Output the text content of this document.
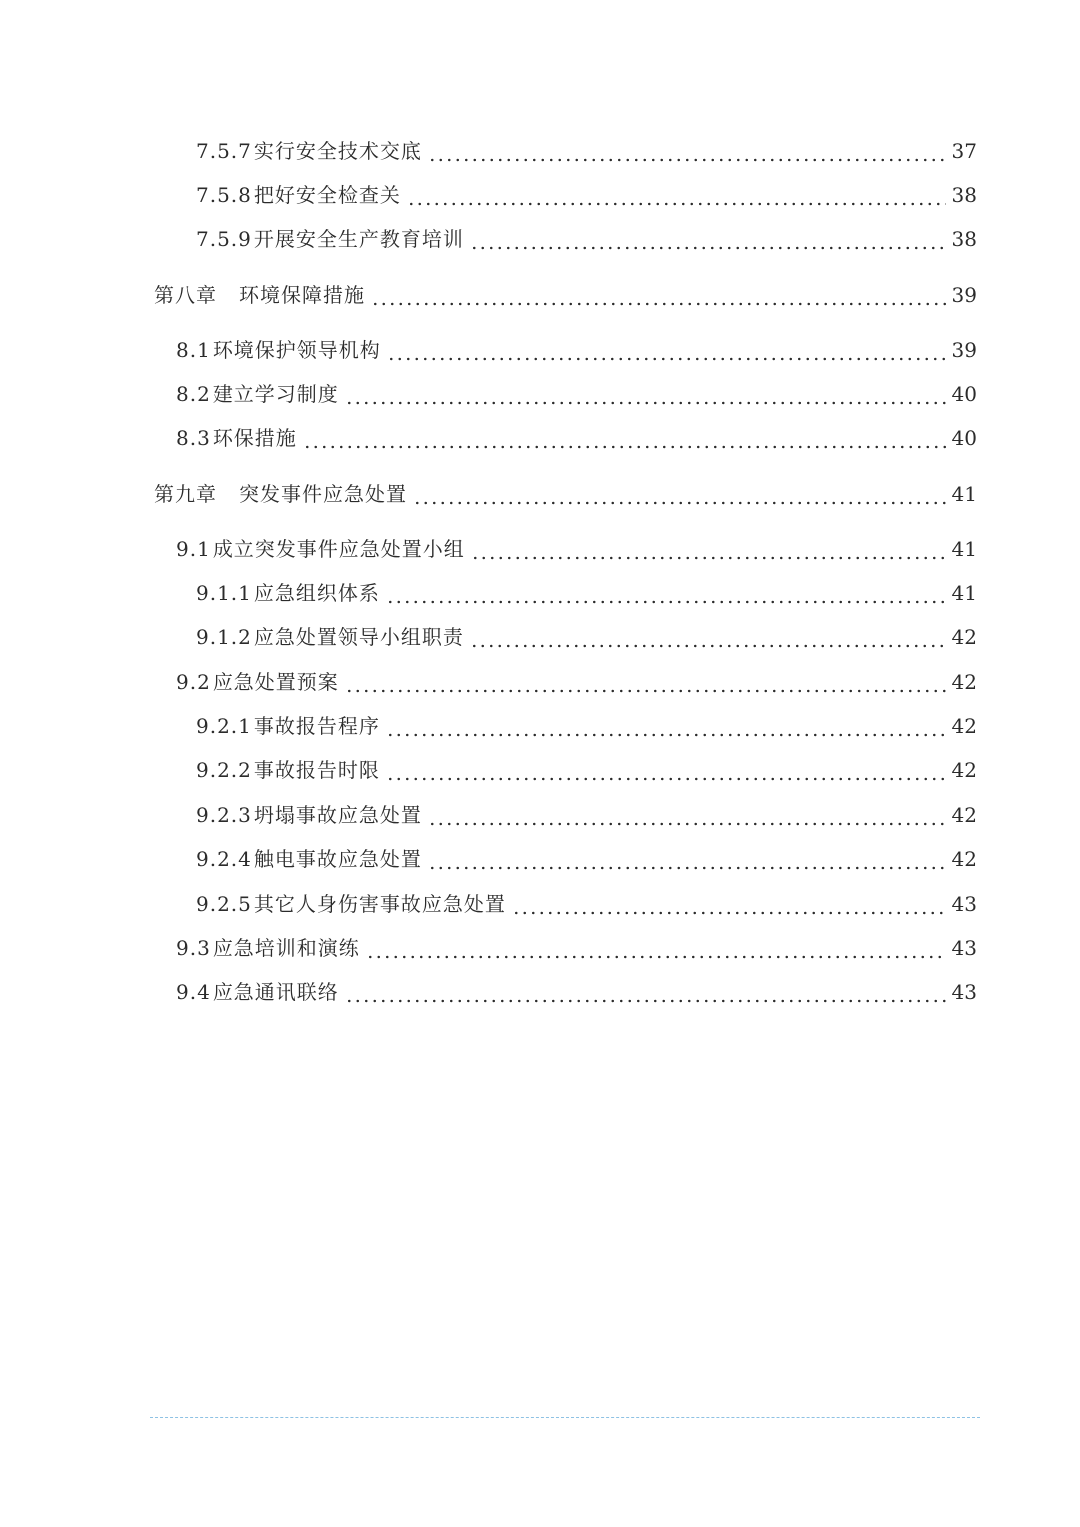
7.5.7 实行安全技术交底	37
7.5.8 把好安全检查关	38
7.5.9 开展安全生产教育培训	38
第八章 环境保障措施	39
8.1 环境保护领导机构	39
8.2 建立学习制度	40
8.3 环保措施	40
第九章 突发事件应急处置	41
9.1 成立突发事件应急处置小组	41
9.1.1 应急组织体系	41
9.1.2 应急处置领导小组职责	42
9.2 应急处置预案	42
9.2.1 事故报告程序	42
9.2.2 事故报告时限	42
9.2.3 坍塌事故应急处置	42
9.2.4 触电事故应急处置	42
9.2.5 其它人身伤害事故应急处置	43
9.3 应急培训和演练	43
9.4 应急通讯联络	43
